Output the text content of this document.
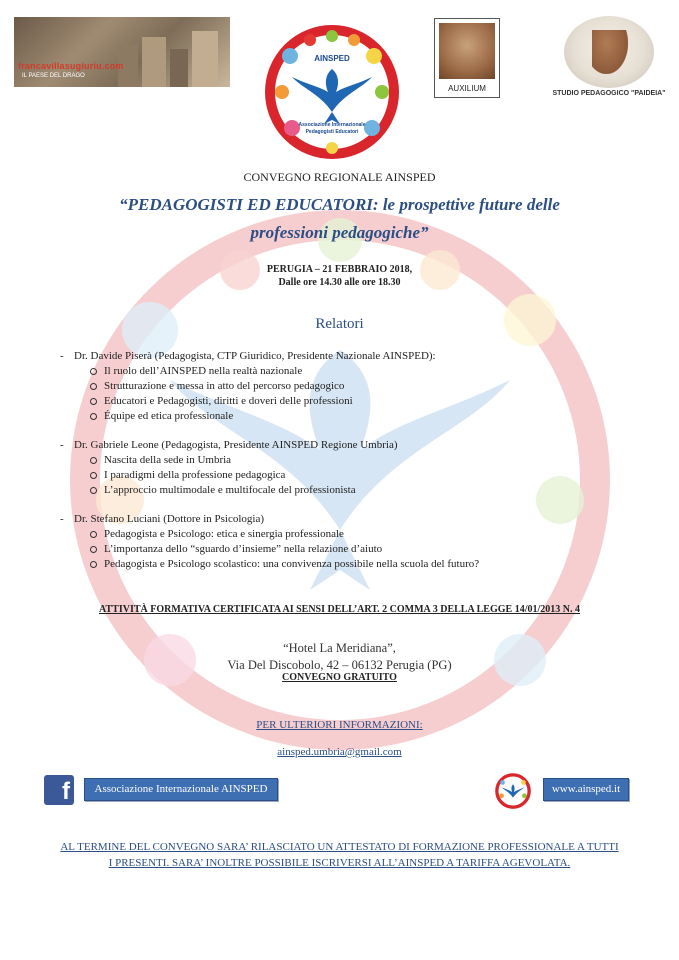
francavillasugiuriu.com
IL PAESE DEL DRAGO
AINSPED
Associazione Internazionale
Pedagogisti Educatori
AUXILIUM
STUDIO PEDAGOGICO "PAIDEIA"
CONVEGNO REGIONALE AINSPED
“PEDAGOGISTI ED EDUCATORI: le prospettive future delle
professioni pedagogiche”
PERUGIA – 21 FEBBRAIO 2018,
Dalle ore 14.30 alle ore 18.30
Relatori
- Dr. Davide Piserà (Pedagogista, CTP Giuridico, Presidente Nazionale AINSPED):
Il ruolo dell’AINSPED nella realtà nazionale
Strutturazione e messa in atto del percorso pedagogico
Educatori e Pedagogisti, diritti e doveri delle professioni
Équipe ed etica professionale
- Dr. Gabriele Leone (Pedagogista, Presidente AINSPED Regione Umbria)
Nascita della sede in Umbria
I paradigmi della professione pedagogica
L’approccio multimodale e multifocale del professionista
- Dr. Stefano Luciani (Dottore in Psicologia)
Pedagogista e Psicologo: etica e sinergia professionale
L’importanza dello “sguardo d’insieme” nella relazione d’aiuto
Pedagogista e Psicologo scolastico: una convivenza possibile nella scuola del futuro?
ATTIVITÀ FORMATIVA CERTIFICATA AI SENSI DELL’ART. 2 COMMA 3 DELLA LEGGE 14/01/2013 N. 4
“Hotel La Meridiana”,
Via Del Discobolo, 42 – 06132 Perugia (PG)
CONVEGNO GRATUITO
PER ULTERIORI INFORMAZIONI:
ainsped.umbria@gmail.com
f	Associazione Internazionale AINSPED	www.ainsped.it
AL TERMINE DEL CONVEGNO SARA’ RILASCIATO UN ATTESTATO DI FORMAZIONE PROFESSIONALE A TUTTI
I PRESENTI. SARA’ INOLTRE POSSIBILE ISCRIVERSI ALL’AINSPED A TARIFFA AGEVOLATA.
